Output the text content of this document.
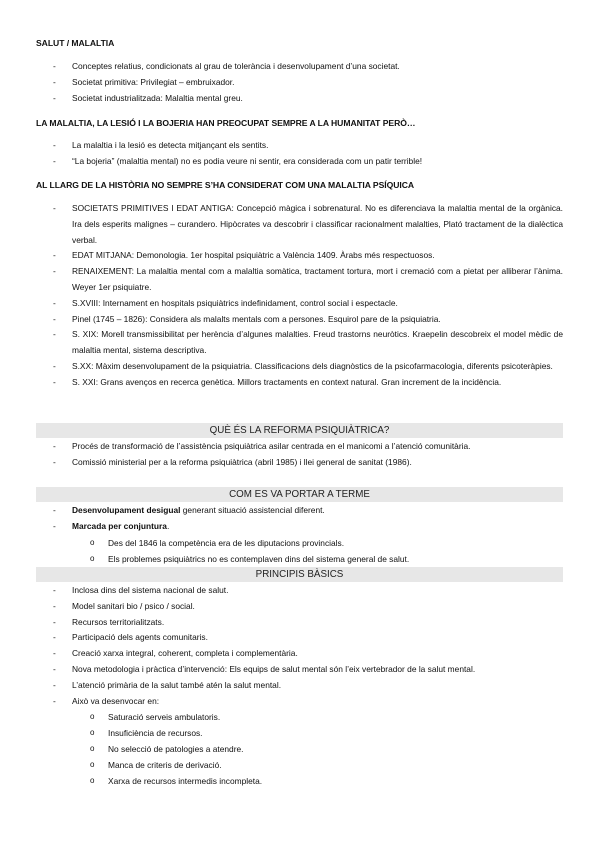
SALUT / MALALTIA
- Conceptes relatius, condicionats al grau de tolerància i desenvolupament d’una societat.
- Societat primitiva: Privilegiat – embruixador.
- Societat industrialitzada: Malaltia mental greu.
LA MALALTIA, LA LESIÓ I LA BOJERIA HAN PREOCUPAT SEMPRE A LA HUMANITAT PERÒ…
- La malaltia i la lesió es detecta mitjançant els sentits.
- “La bojeria” (malaltia mental) no es podia veure ni sentir, era considerada com un patir terrible!
AL LLARG DE LA HISTÒRIA NO SEMPRE S’HA CONSIDERAT COM UNA MALALTIA PSÍQUICA
- SOCIETATS PRIMITIVES I EDAT ANTIGA: Concepció màgica i sobrenatural. No es diferenciava la malaltia mental de la orgànica. Ira dels esperits malignes – curandero. Hipòcrates va descobrir i classificar racionalment malalties, Plató tractament de la dialèctica verbal.
- EDAT MITJANA: Demonologia. 1er hospital psiquiàtric a València 1409. Àrabs més respectuosos.
- RENAIXEMENT: La malaltia mental com a malaltia somàtica, tractament tortura, mort i cremació com a pietat per alliberar l’ànima. Weyer 1er psiquiatre.
- S.XVIII: Internament en hospitals psiquiàtrics indefinidament, control social i espectacle.
- Pinel (1745 – 1826): Considera als malalts mentals com a persones. Esquirol pare de la psiquiatria.
- S. XIX: Morell transmissibilitat per herència d’algunes malalties. Freud trastorns neuròtics. Kraepelin descobreix el model mèdic de malaltia mental, sistema descriptiva.
- S.XX: Màxim desenvolupament de la psiquiatria. Classificacions dels diagnòstics de la psicofarmacologia, diferents psicoteràpies.
- S. XXI: Grans avenços en recerca genètica. Millors tractaments en context natural. Gran increment de la incidència.
QUÈ ÉS LA REFORMA PSIQUIÀTRICA?
- Procés de transformació de l’assistència psiquiàtrica asilar centrada en el manicomi a l’atenció comunitària.
- Comissió ministerial per a la reforma psiquiàtrica (abril 1985) i llei general de sanitat (1986).
COM ES VA PORTAR A TERME
- Desenvolupament desigual generant situació assistencial diferent.
- Marcada per conjuntura.
o Des del 1846 la competència era de les diputacions provincials.
o Els problemes psiquiàtrics no es contemplaven dins del sistema general de salut.
PRINCIPIS BÀSICS
- Inclosa dins del sistema nacional de salut.
- Model sanitari bio / psico / social.
- Recursos territorialitzats.
- Participació dels agents comunitaris.
- Creació xarxa integral, coherent, completa i complementària.
- Nova metodologia i pràctica d’intervenció: Els equips de salut mental són l’eix vertebrador de la salut mental.
- L’atenció primària de la salut també atén la salut mental.
- Això va desenvocar en:
o Saturació serveis ambulatoris.
o Insuficiència de recursos.
o No selecció de patologies a atendre.
o Manca de criteris de derivació.
o Xarxa de recursos intermedis incompleta.
